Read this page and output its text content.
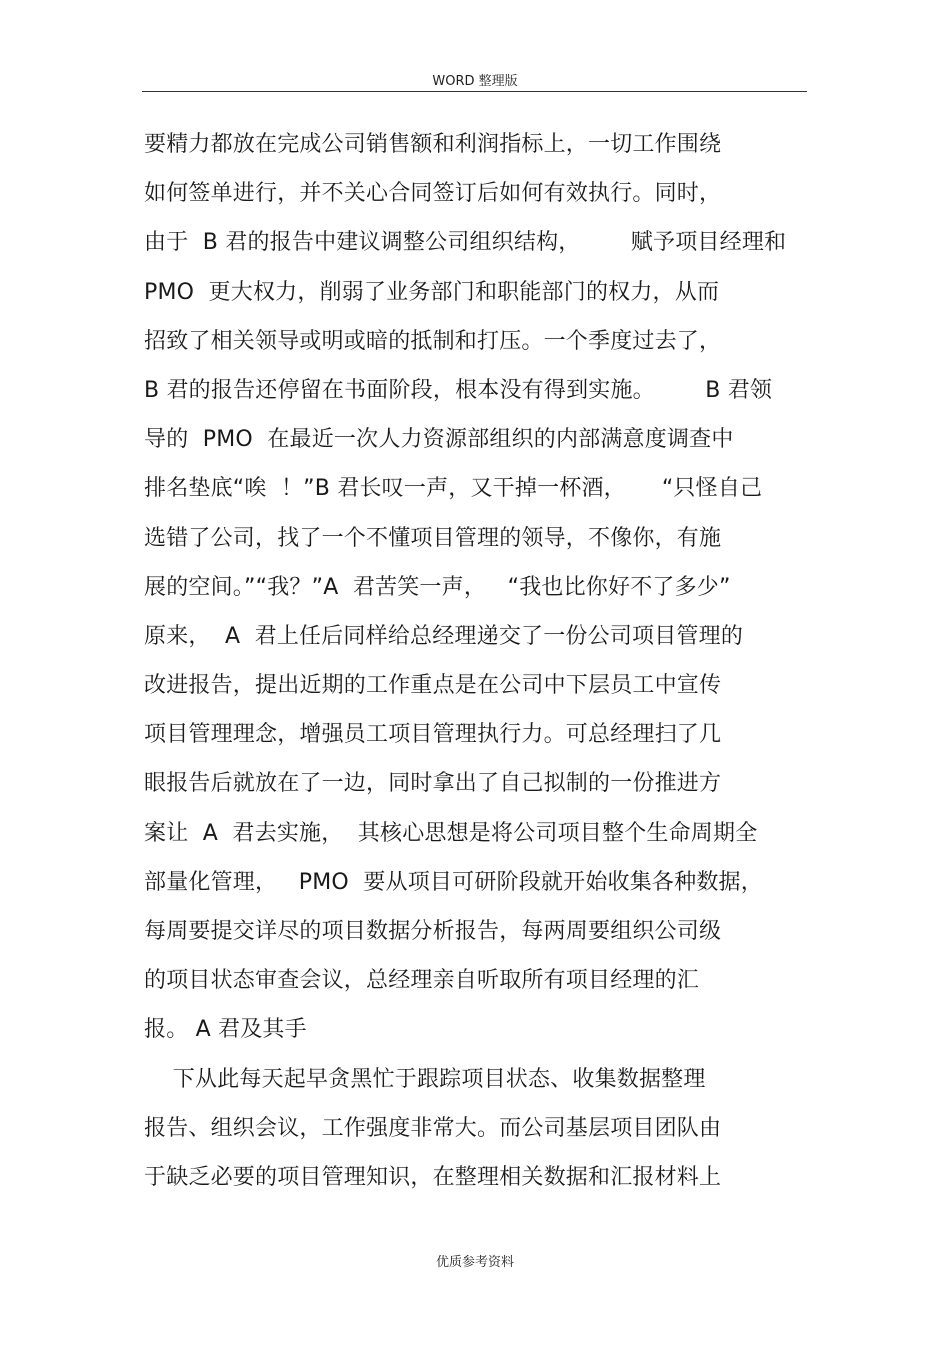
WORD 整理版
要精力都放在完成公司销售额和利润指标上，一切工作围绕
如何签单进行，并不关心合同签订后如何有效执行。同时，
由于  B 君的报告中建议调整公司组织结构，       赋予项目经理和
PMO  更大权力，削弱了业务部门和职能部门的权力，从而
招致了相关领导或明或暗的抵制和打压。一个季度过去了，
B 君的报告还停留在书面阶段，根本没有得到实施。       B 君领
导的  PMO  在最近一次人力资源部组织的内部满意度调查中
排名垫底“唉  ！”B 君长叹一声，又干掉一杯酒，     “只怪自己
选错了公司，找了一个不懂项目管理的领导，不像你，有施
展的空间。”“我？”A  君苦笑一声，   “我也比你好不了多少”
原来，  A  君上任后同样给总经理递交了一份公司项目管理的
改进报告，提出近期的工作重点是在公司中下层员工中宣传
项目管理理念，增强员工项目管理执行力。可总经理扫了几
眼报告后就放在了一边，同时拿出了自己拟制的一份推进方
案让  A  君去实施，  其核心思想是将公司项目整个生命周期全
部量化管理，   PMO  要从项目可研阶段就开始收集各种数据，
每周要提交详尽的项目数据分析报告，每两周要组织公司级
的项目状态审查会议，总经理亲自听取所有项目经理的汇
报。 A 君及其手
下从此每天起早贪黑忙于跟踪项目状态、收集数据整理
报告、组织会议，工作强度非常大。而公司基层项目团队由
于缺乏必要的项目管理知识，在整理相关数据和汇报材料上
优质参考资料
